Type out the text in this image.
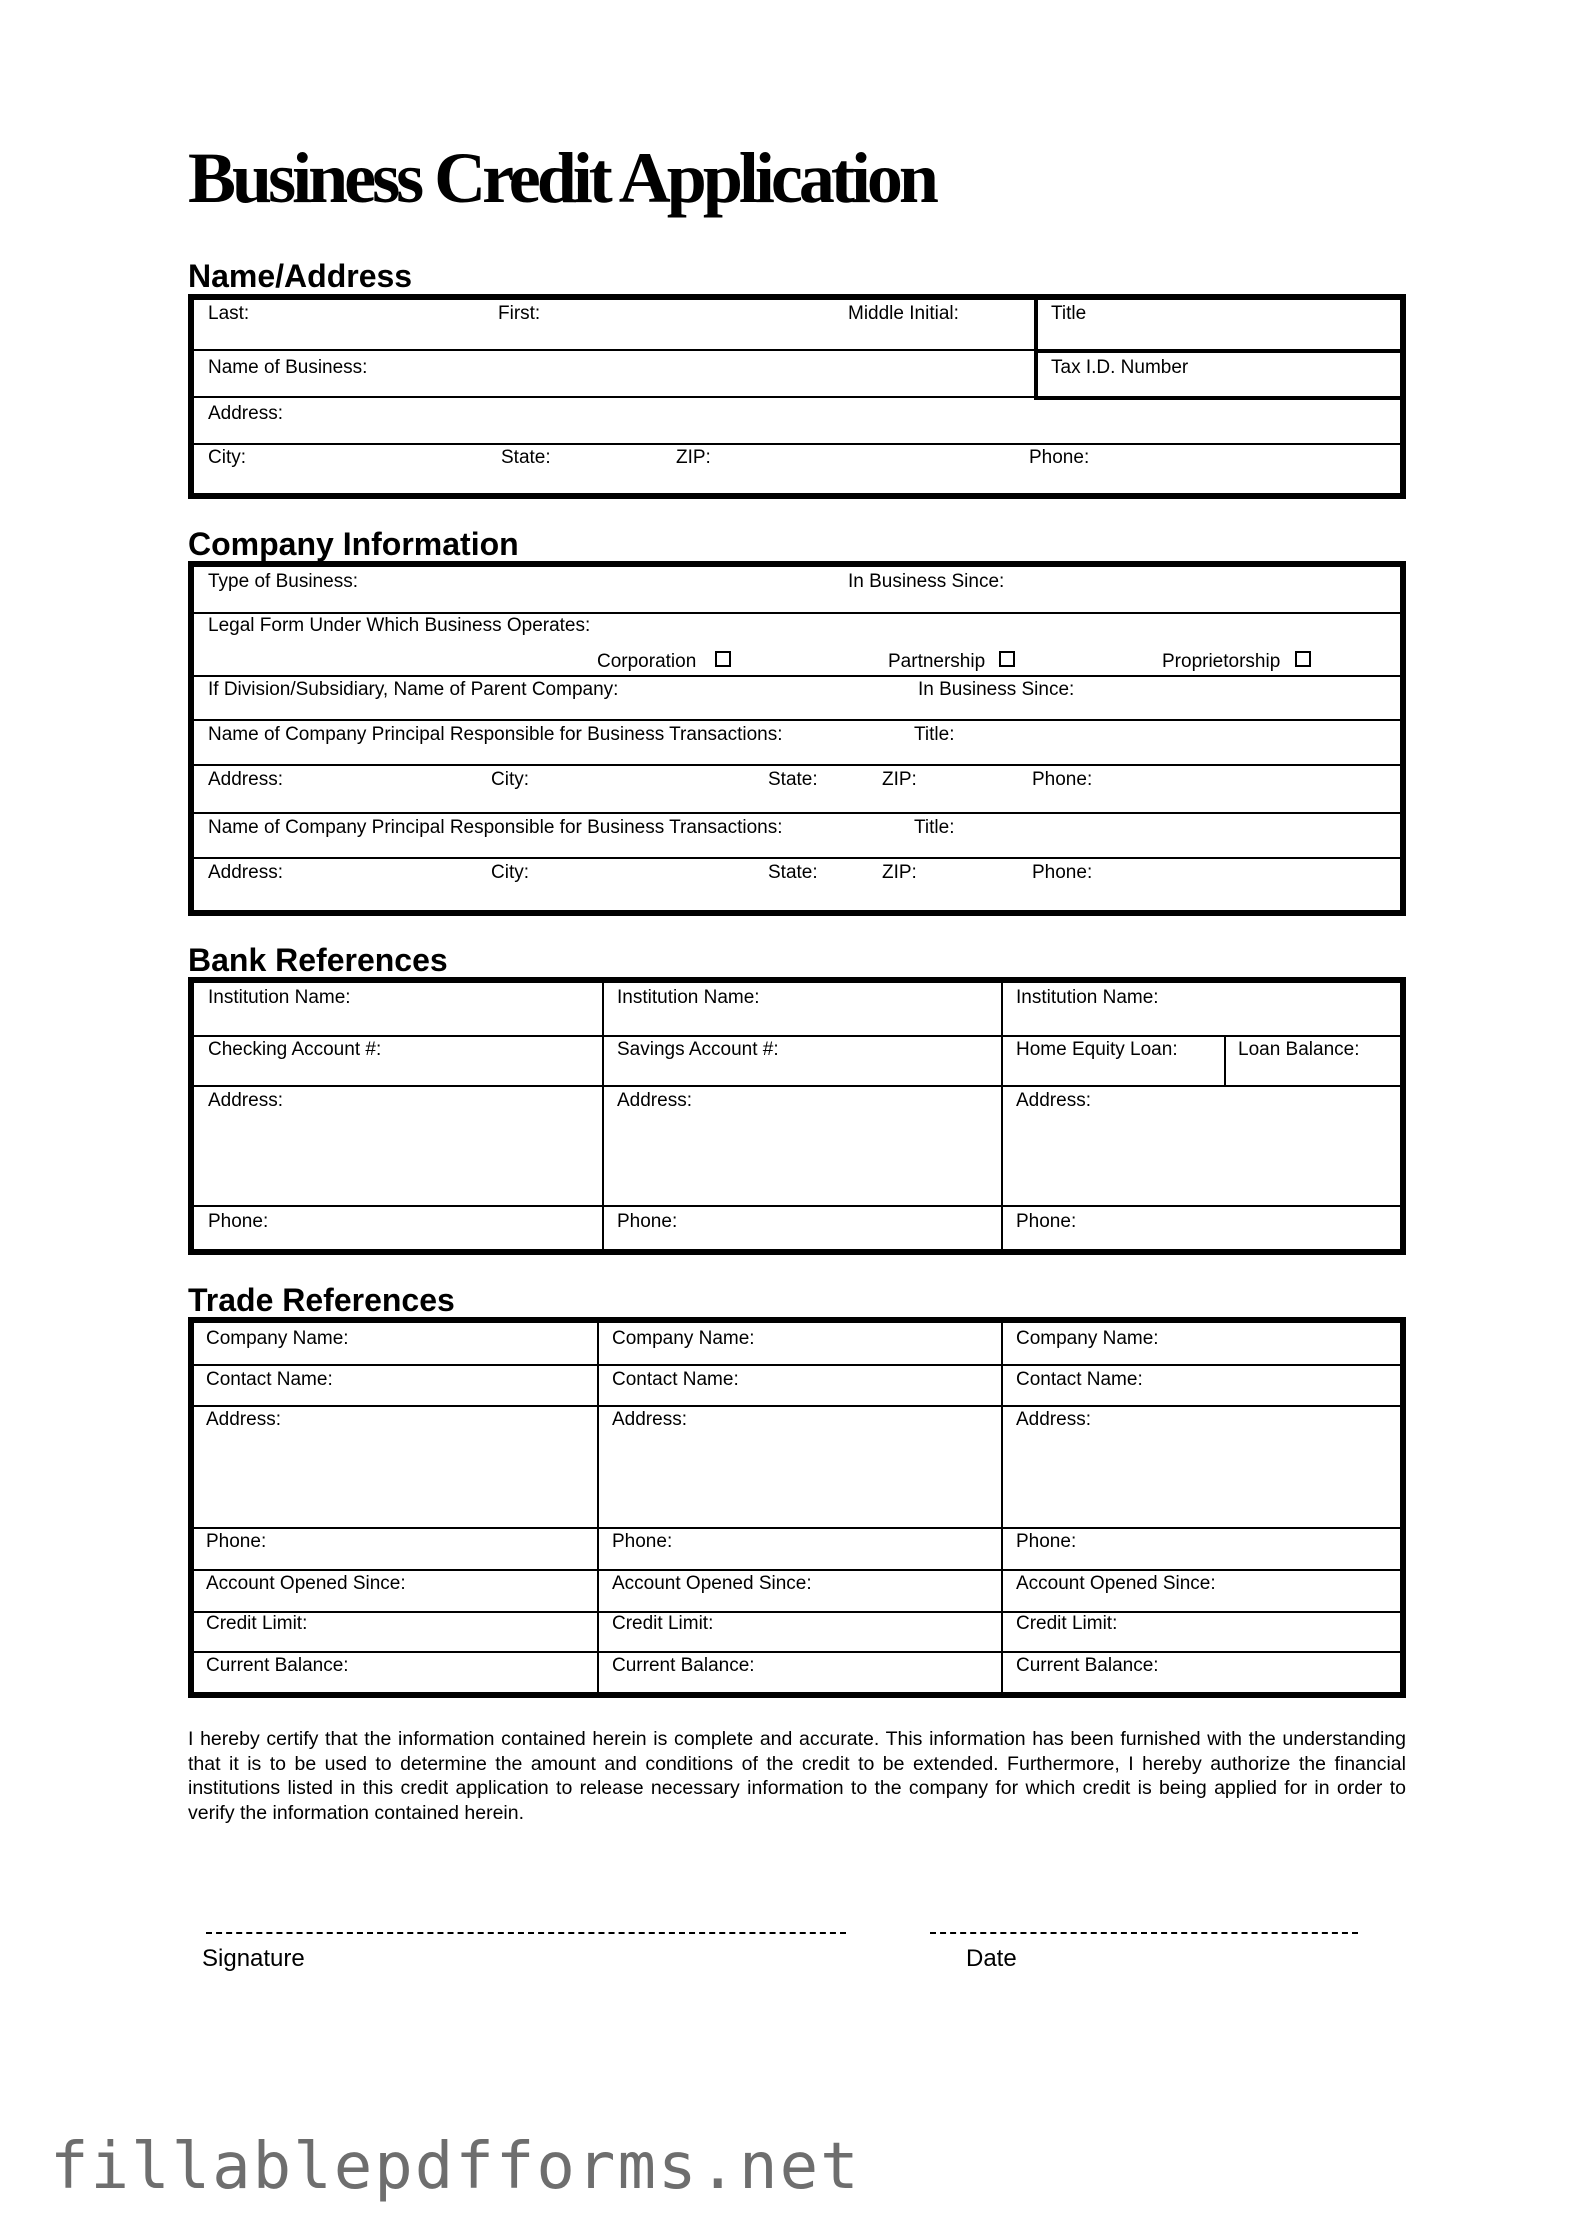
Business Credit Application
Name/Address
Last:	First:	Middle Initial:	Title
Name of Business:	Tax I.D. Number
Address:
City:	State:	ZIP:	Phone:
Company Information
Type of Business:	In Business Since:
Legal Form Under Which Business Operates:
Corporation	Partnership	Proprietorship
If Division/Subsidiary, Name of Parent Company:	In Business Since:
Name of Company Principal Responsible for Business Transactions:	Title:
Address:	City:	State:	ZIP:	Phone:
Name of Company Principal Responsible for Business Transactions:	Title:
Address:	City:	State:	ZIP:	Phone:
Bank References
Institution Name:	Institution Name:	Institution Name:
Checking Account #:	Savings Account #:	Home Equity Loan:	Loan Balance:
Address:	Address:	Address:
Phone:	Phone:	Phone:
Trade References
Company Name:	Company Name:	Company Name:
Contact Name:	Contact Name:	Contact Name:
Address:	Address:	Address:
Phone:	Phone:	Phone:
Account Opened Since:	Account Opened Since:	Account Opened Since:
Credit Limit:	Credit Limit:	Credit Limit:
Current Balance:	Current Balance:	Current Balance:
I hereby certify that the information contained herein is complete and accurate. This information has been furnished with the understanding that it is to be used to determine the amount and conditions of the credit to be extended. Furthermore, I hereby authorize the financial institutions listed in this credit application to release necessary information to the company for which credit is being applied for in order to verify the information contained herein.
Signature	Date
fillablepdfforms.net
